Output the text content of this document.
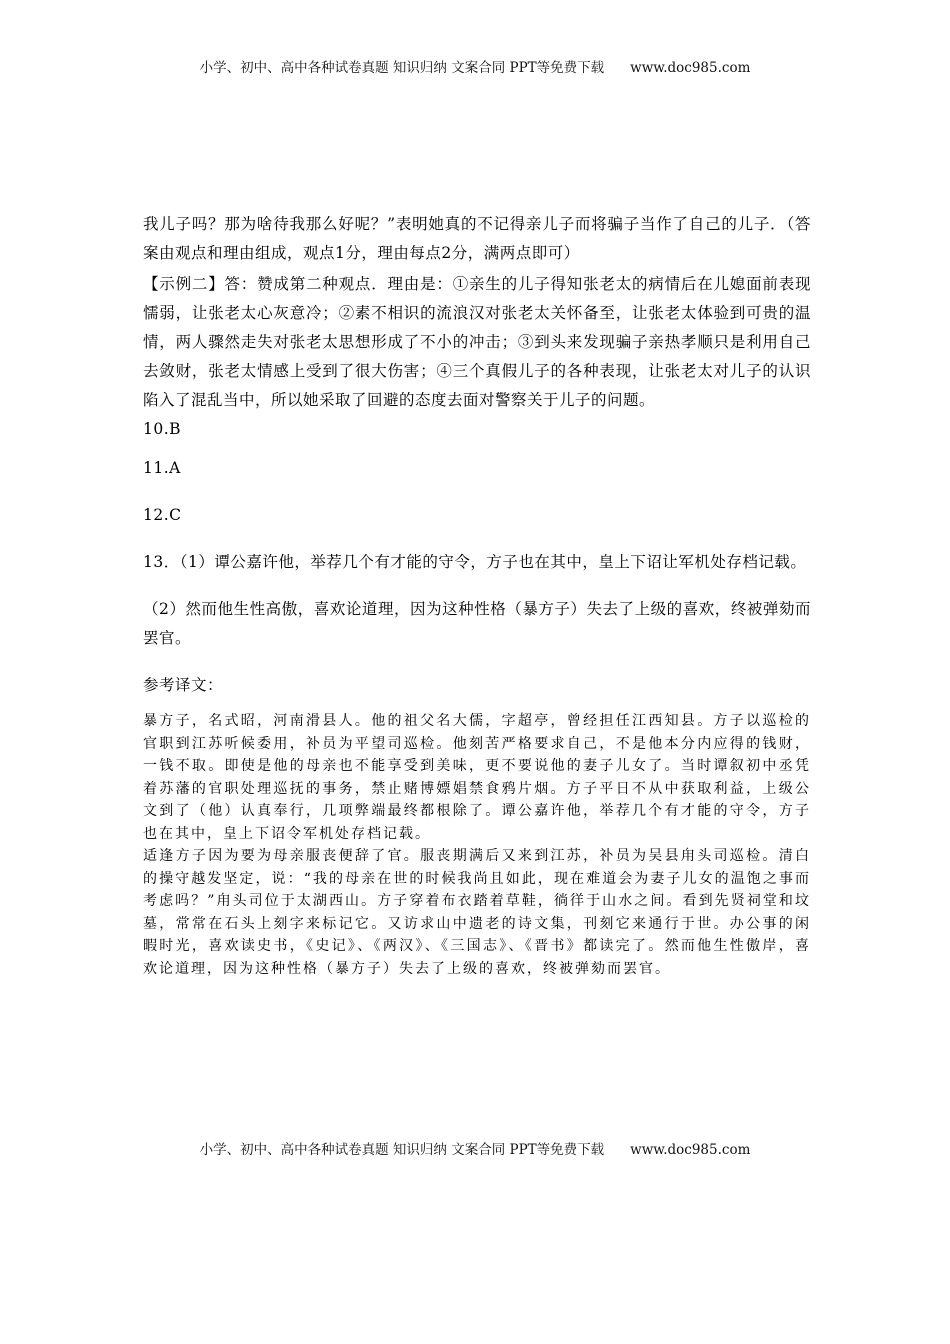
小学、初中、高中各种试卷真题 知识归纳 文案合同 PPT等免费下载 www.doc985.com

我儿子吗？那为啥待我那么好呢？”表明她真的不记得亲儿子而将骗子当作了自己的儿子．（答案由观点和理由组成，观点1分，理由每点2分，满两点即可）

【示例二】答：赞成第二种观点．理由是：①亲生的儿子得知张老太的病情后在儿媳面前表现懦弱，让张老太心灰意冷；②素不相识的流浪汉对张老太关怀备至，让张老太体验到可贵的温情，两人骤然走失对张老太思想形成了不小的冲击；③到头来发现骗子亲热孝顺只是利用自己去敛财，张老太情感上受到了很大伤害；④三个真假儿子的各种表现，让张老太对儿子的认识陷入了混乱当中，所以她采取了回避的态度去面对警察关于儿子的问题。

10.B

11.A

12.C

13．（1）谭公嘉许他，举荐几个有才能的守令，方子也在其中，皇上下诏让军机处存档记载。

（2）然而他生性高傲，喜欢论道理，因为这种性格（暴方子）失去了上级的喜欢，终被弹劾而罢官。

参考译文：

暴方子，名式昭，河南滑县人。他的祖父名大儒，字超亭，曾经担任江西知县。方子以巡检的官职到江苏听候委用，补员为平望司巡检。他刻苦严格要求自己，不是他本分内应得的钱财，一钱不取。即使是他的母亲也不能享受到美味，更不要说他的妻子儿女了。当时谭叙初中丞凭着苏藩的官职处理巡抚的事务，禁止赌博嫖娼禁食鸦片烟。方子平日不从中获取利益，上级公文到了（他）认真奉行，几项弊端最终都根除了。谭公嘉许他，举荐几个有才能的守令，方子也在其中，皇上下诏令军机处存档记载。

适逢方子因为要为母亲服丧便辞了官。服丧期满后又来到江苏，补员为吴县甪头司巡检。清白的操守越发坚定，说：“我的母亲在世的时候我尚且如此，现在难道会为妻子儿女的温饱之事而考虑吗？”甪头司位于太湖西山。方子穿着布衣踏着草鞋，徜徉于山水之间。看到先贤祠堂和坟墓，常常在石头上刻字来标记它。又访求山中遗老的诗文集，刊刻它来通行于世。办公事的闲暇时光，喜欢读史书，《史记》、《两汉》、《三国志》、《晋书》都读完了。然而他生性傲岸，喜欢论道理，因为这种性格（暴方子）失去了上级的喜欢，终被弹劾而罢官。

小学、初中、高中各种试卷真题 知识归纳 文案合同 PPT等免费下载 www.doc985.com
